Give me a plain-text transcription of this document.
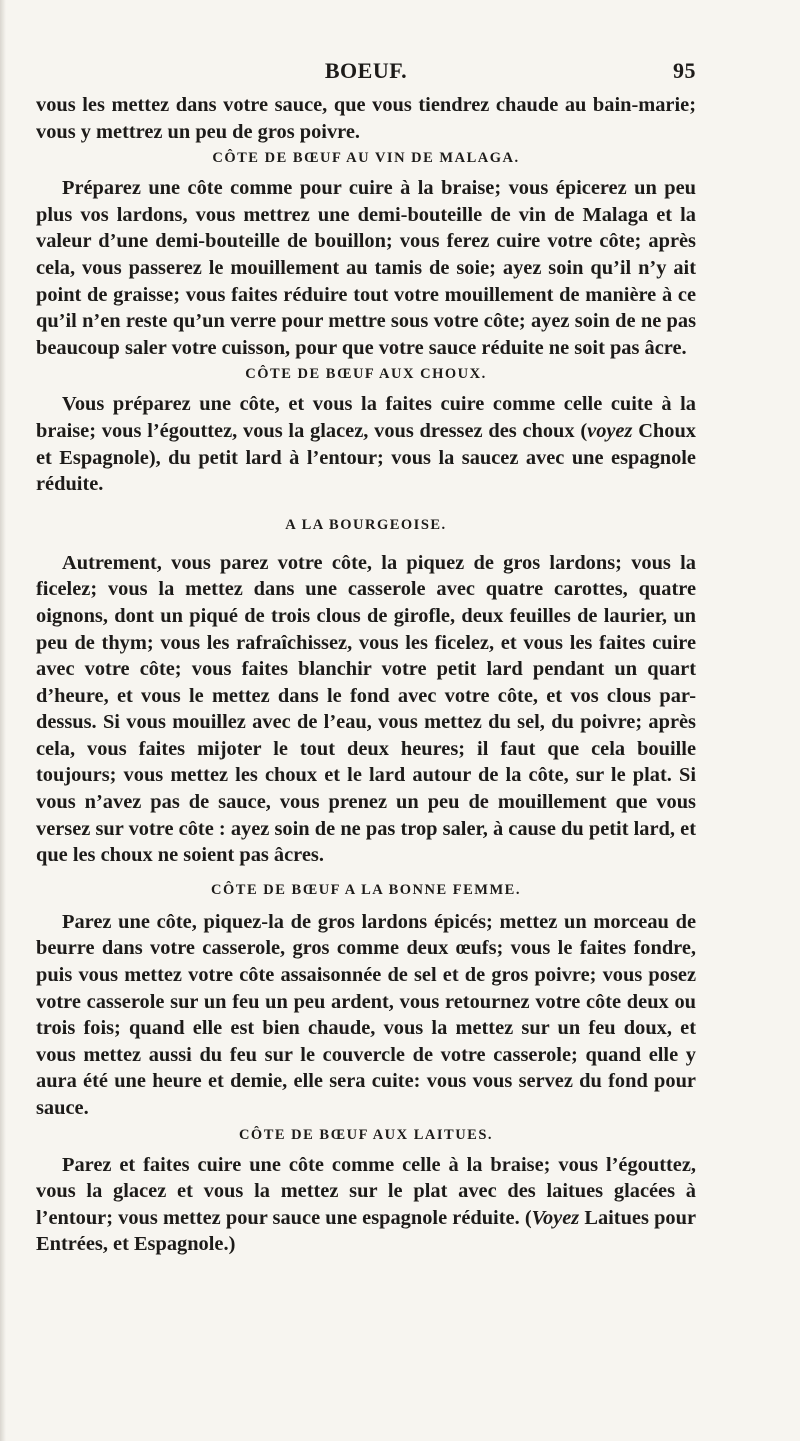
BOEUF.	95

vous les mettez dans votre sauce, que vous tiendrez chaude au bain-marie; vous y mettrez un peu de gros poivre.

CÔTE DE BŒUF AU VIN DE MALAGA.

Préparez une côte comme pour cuire à la braise; vous épicerez un peu plus vos lardons, vous mettrez une demi-bouteille de vin de Malaga et la valeur d’une demi-bouteille de bouillon; vous ferez cuire votre côte; après cela, vous passerez le mouillement au tamis de soie; ayez soin qu’il n’y ait point de graisse; vous faites réduire tout votre mouillement de manière à ce qu’il n’en reste qu’un verre pour mettre sous votre côte; ayez soin de ne pas beaucoup saler votre cuisson, pour que votre sauce réduite ne soit pas âcre.

CÔTE DE BŒUF AUX CHOUX.

Vous préparez une côte, et vous la faites cuire comme celle cuite à la braise; vous l’égouttez, vous la glacez, vous dressez des choux (voyez Choux et Espagnole), du petit lard à l’entour; vous la saucez avec une espagnole réduite.

A LA BOURGEOISE.

Autrement, vous parez votre côte, la piquez de gros lardons; vous la ficelez; vous la mettez dans une casserole avec quatre carottes, quatre oignons, dont un piqué de trois clous de girofle, deux feuilles de laurier, un peu de thym; vous les rafraîchissez, vous les ficelez, et vous les faites cuire avec votre côte; vous faites blanchir votre petit lard pendant un quart d’heure, et vous le mettez dans le fond avec votre côte, et vos clous par-dessus. Si vous mouillez avec de l’eau, vous mettez du sel, du poivre; après cela, vous faites mijoter le tout deux heures; il faut que cela bouille toujours; vous mettez les choux et le lard autour de la côte, sur le plat. Si vous n’avez pas de sauce, vous prenez un peu de mouillement que vous versez sur votre côte : ayez soin de ne pas trop saler, à cause du petit lard, et que les choux ne soient pas âcres.

CÔTE DE BŒUF A LA BONNE FEMME.

Parez une côte, piquez-la de gros lardons épicés; mettez un morceau de beurre dans votre casserole, gros comme deux œufs; vous le faites fondre, puis vous mettez votre côte assaisonnée de sel et de gros poivre; vous posez votre casserole sur un feu un peu ardent, vous retournez votre côte deux ou trois fois; quand elle est bien chaude, vous la mettez sur un feu doux, et vous mettez aussi du feu sur le couvercle de votre casserole; quand elle y aura été une heure et demie, elle sera cuite: vous vous servez du fond pour sauce.

CÔTE DE BŒUF AUX LAITUES.

Parez et faites cuire une côte comme celle à la braise; vous l’égouttez, vous la glacez et vous la mettez sur le plat avec des laitues glacées à l’entour; vous mettez pour sauce une espagnole réduite. (Voyez Laitues pour Entrées, et Espagnole.)
